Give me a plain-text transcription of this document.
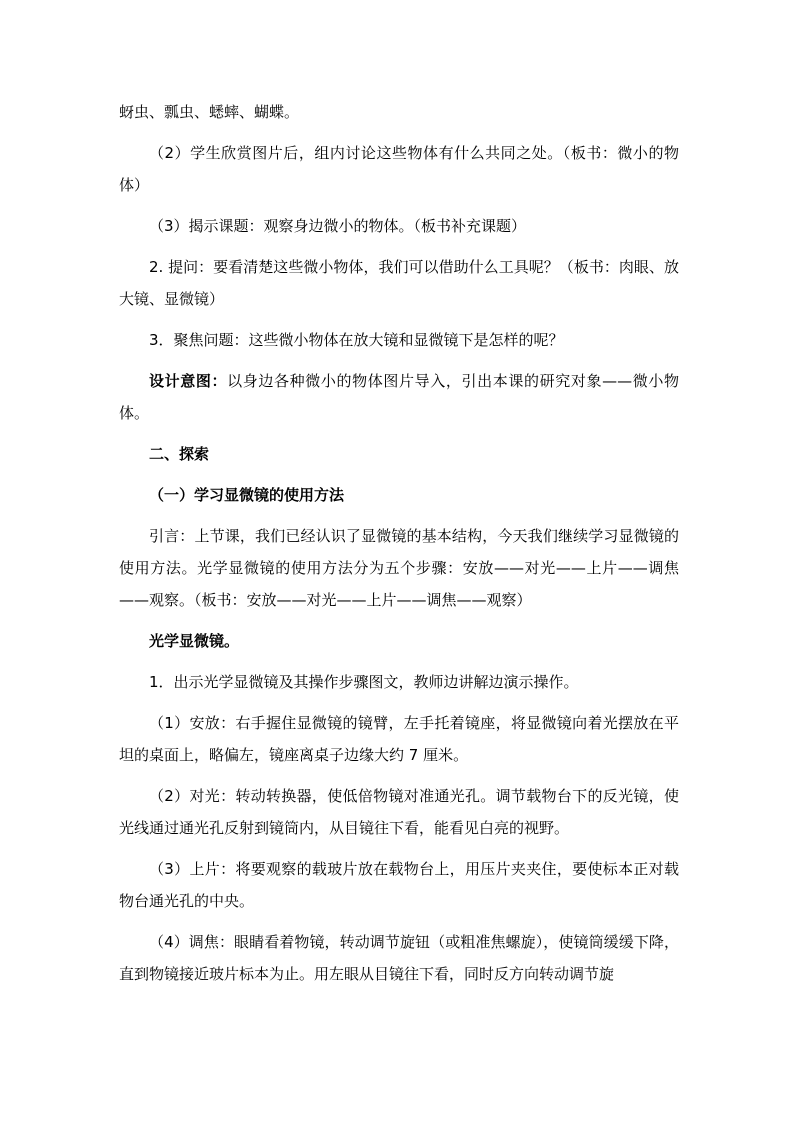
蚜虫、瓢虫、蟋蟀、蝴蝶。

（2）学生欣赏图片后，组内讨论这些物体有什么共同之处。（板书：微小的物体）

（3）揭示课题：观察身边微小的物体。（板书补充课题）

2. 提问：要看清楚这些微小物体，我们可以借助什么工具呢？（板书：肉眼、放大镜、显微镜）

3．聚焦问题：这些微小物体在放大镜和显微镜下是怎样的呢？

设计意图：以身边各种微小的物体图片导入，引出本课的研究对象——微小物体。

二、探索

（一）学习显微镜的使用方法

引言：上节课，我们已经认识了显微镜的基本结构，今天我们继续学习显微镜的使用方法。光学显微镜的使用方法分为五个步骤：安放——对光——上片——调焦——观察。（板书：安放——对光——上片——调焦——观察）

光学显微镜。

1．出示光学显微镜及其操作步骤图文，教师边讲解边演示操作。

（1）安放：右手握住显微镜的镜臂，左手托着镜座，将显微镜向着光摆放在平坦的桌面上，略偏左，镜座离桌子边缘大约 7 厘米。

（2）对光：转动转换器，使低倍物镜对准通光孔。调节载物台下的反光镜，使光线通过通光孔反射到镜筒内，从目镜往下看，能看见白亮的视野。

（3）上片：将要观察的载玻片放在载物台上，用压片夹夹住，要使标本正对载物台通光孔的中央。

（4）调焦：眼睛看着物镜，转动调节旋钮（或粗准焦螺旋），使镜筒缓缓下降，直到物镜接近玻片标本为止。用左眼从目镜往下看，同时反方向转动调节旋
